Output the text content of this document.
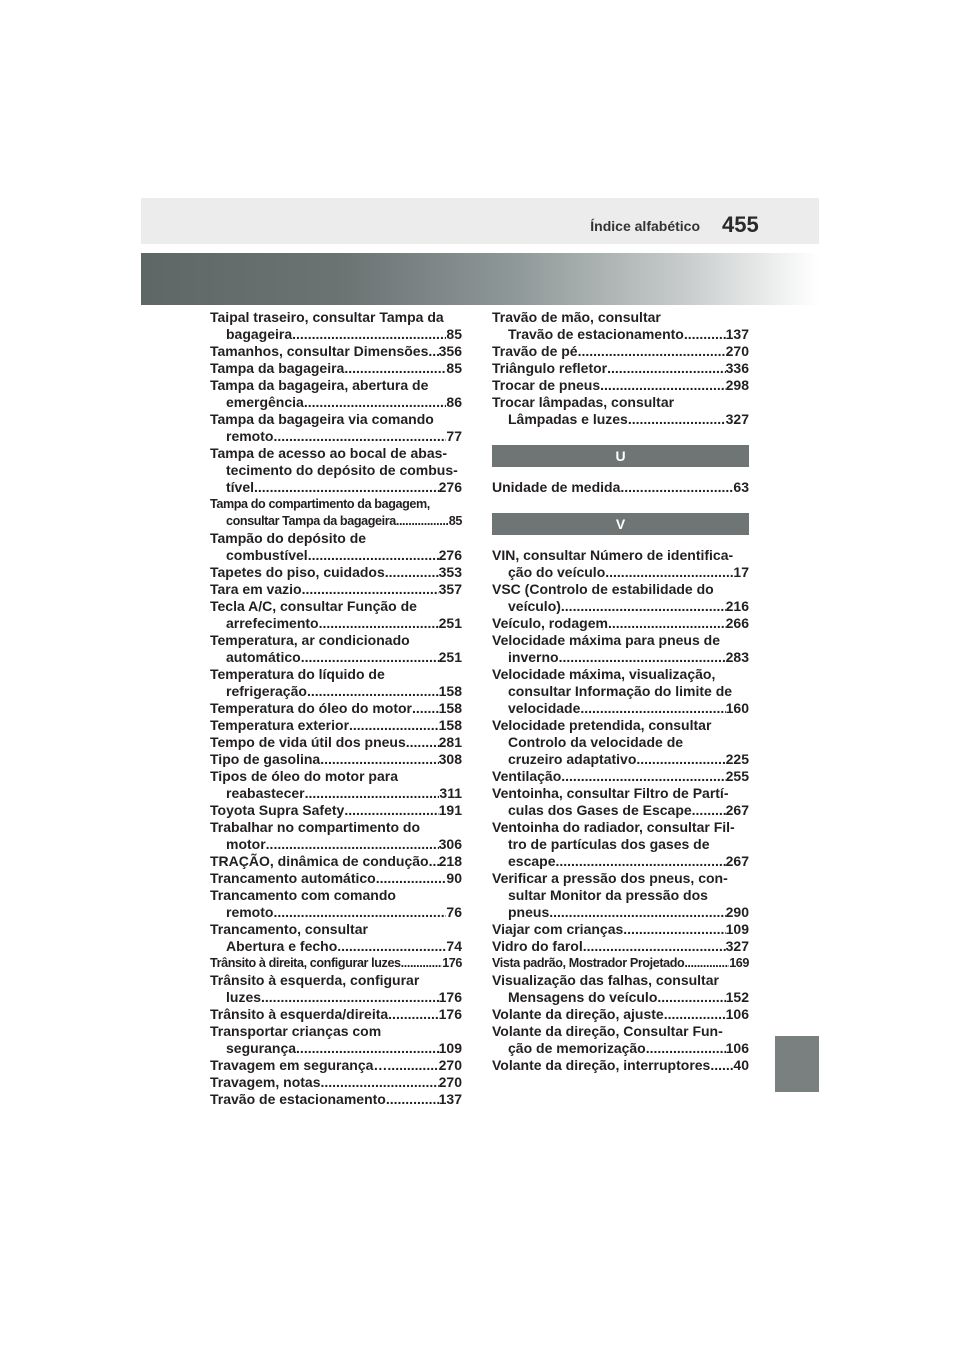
Índice alfabético 455
Taipal traseiro, consultar Tampa da
bagageira .....	85
Tamanhos, consultar Dimensões ..... 356
Tampa da bagageira .....	85
Tampa da bagageira, abertura de
emergência .....	86
Tampa da bagageira via comando
remoto .....	77
Tampa de acesso ao bocal de abas-
tecimento do depósito de combus-
tível .....	276
Tampa do compartimento da bagagem,
consultar Tampa da bagageira .....	85
Tampão do depósito de
combustível .....	276
Tapetes do piso, cuidados .....	353
Tara em vazio .....	357
Tecla A/C, consultar Função de
arrefecimento .....	251
Temperatura, ar condicionado
automático .....	251
Temperatura do líquido de
refrigeração .....	158
Temperatura do óleo do motor ..... 158
Temperatura exterior .....	158
Tempo de vida útil dos pneus ..... 281
Tipo de gasolina .....	308
Tipos de óleo do motor para
reabastecer .....	311
Toyota Supra Safety .....	191
Trabalhar no compartimento do
motor .....	306
TRAÇÃO, dinâmica de condução ..... 218
Trancamento automático .....	90
Trancamento com comando
remoto .....	76
Trancamento, consultar
Abertura e fecho .....	74
Trânsito à direita, configurar luzes .....	176
Trânsito à esquerda, configurar
luzes .....	176
Trânsito à esquerda/direita .....	176
Transportar crianças com
segurança .....	109
Travagem em segurança… .....	270
Travagem, notas .....	270
Travão de estacionamento .....	137
Travão de mão, consultar
Travão de estacionamento .....	137
Travão de pé .....	270
Triângulo refletor .....	336
Trocar de pneus .....	298
Trocar lâmpadas, consultar
Lâmpadas e luzes .....	327
U
Unidade de medida .....	63
V
VIN, consultar Número de identifica-
ção do veículo .....	17
VSC (Controlo de estabilidade do
veículo) .....	216
Veículo, rodagem .....	266
Velocidade máxima para pneus de
inverno .....	283
Velocidade máxima, visualização,
consultar Informação do limite de
velocidade .....	160
Velocidade pretendida, consultar
Controlo da velocidade de
cruzeiro adaptativo .....	225
Ventilação .....	255
Ventoinha, consultar Filtro de Partí-
culas dos Gases de Escape ..... 267
Ventoinha do radiador, consultar Fil-
tro de partículas dos gases de
escape .....	267
Verificar a pressão dos pneus, con-
sultar Monitor da pressão dos
pneus .....	290
Viajar com crianças .....	109
Vidro do farol .....	327
Vista padrão, Mostrador Projetado .....	169
Visualização das falhas, consultar
Mensagens do veículo .....	152
Volante da direção, ajuste .....	106
Volante da direção, Consultar Fun-
ção de memorização .....	106
Volante da direção, interruptores ..... 40
